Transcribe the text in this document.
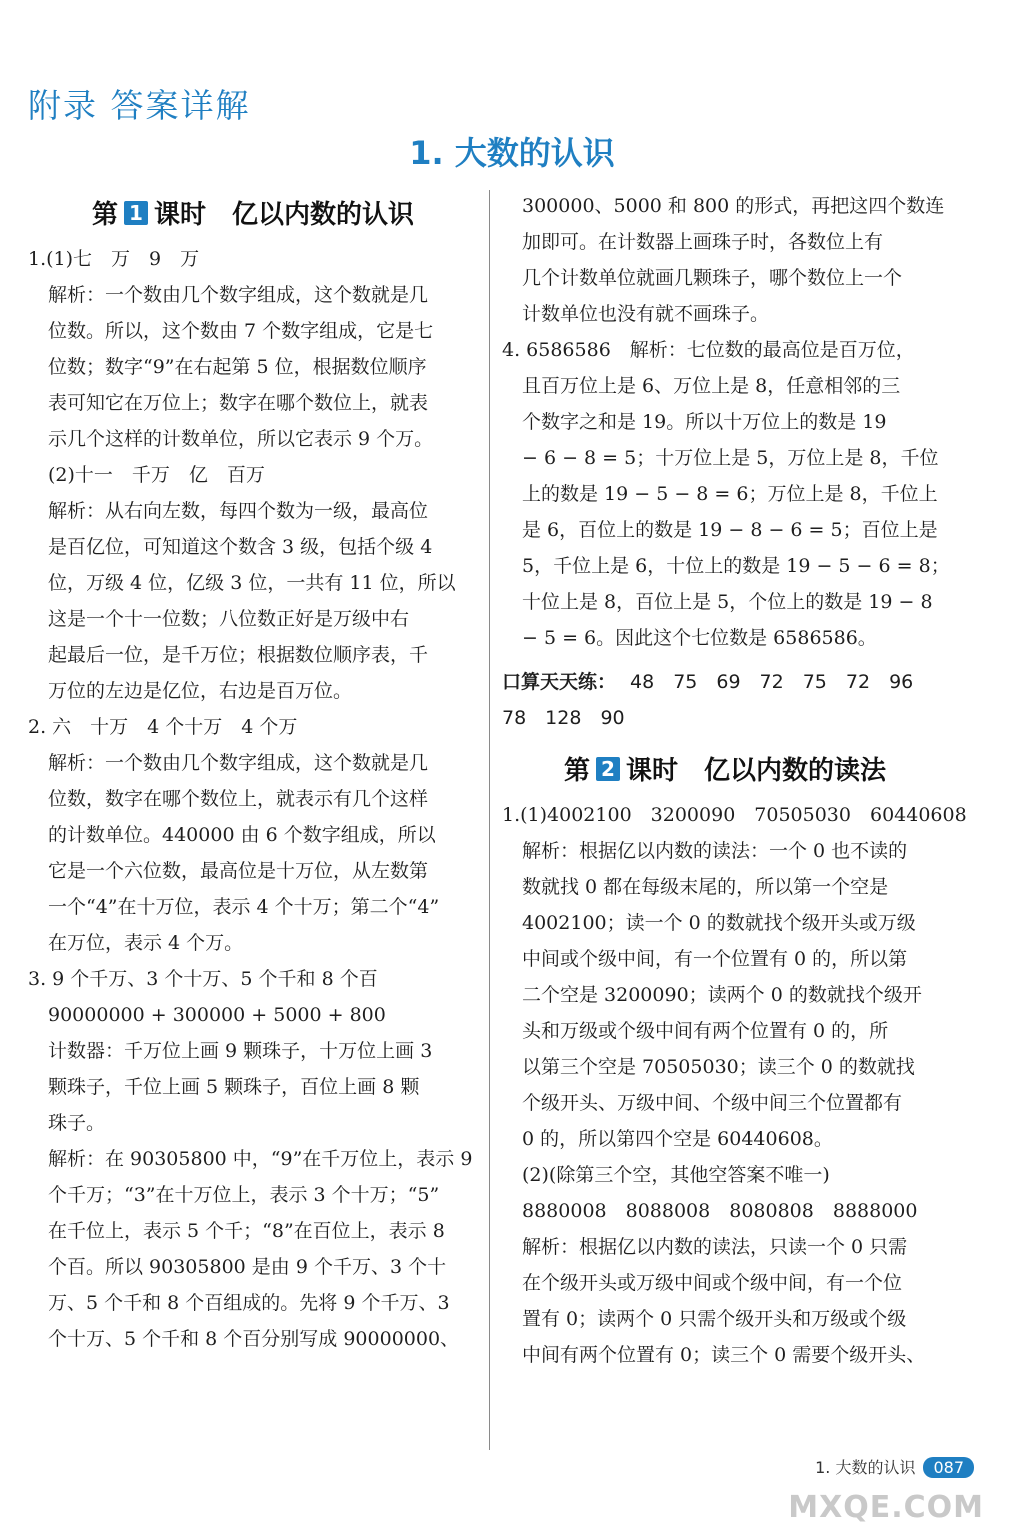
附录 答案详解
1. 大数的认识
第 1 课时　亿以内数的认识
1.(1)七　万　9　万
解析：一个数由几个数字组成，这个数就是几
位数。所以，这个数由 7 个数字组成，它是七
位数；数字“9”在右起第 5 位，根据数位顺序
表可知它在万位上；数字在哪个数位上，就表
示几个这样的计数单位，所以它表示 9 个万。
(2)十一　千万　亿　百万
解析：从右向左数，每四个数为一级，最高位
是百亿位，可知道这个数含 3 级，包括个级 4
位，万级 4 位，亿级 3 位，一共有 11 位，所以
这是一个十一位数；八位数正好是万级中右
起最后一位，是千万位；根据数位顺序表，千
万位的左边是亿位，右边是百万位。
2. 六　十万　4 个十万　4 个万
解析：一个数由几个数字组成，这个数就是几
位数，数字在哪个数位上，就表示有几个这样
的计数单位。440000 由 6 个数字组成，所以
它是一个六位数，最高位是十万位，从左数第
一个“4”在十万位，表示 4 个十万；第二个“4”
在万位，表示 4 个万。
3. 9 个千万、3 个十万、5 个千和 8 个百
90000000 + 300000 + 5000 + 800
计数器：千万位上画 9 颗珠子，十万位上画 3
颗珠子，千位上画 5 颗珠子，百位上画 8 颗
珠子。
解析：在 90305800 中，“9”在千万位上，表示 9
个千万；“3”在十万位上，表示 3 个十万；“5”
在千位上，表示 5 个千；“8”在百位上，表示 8
个百。所以 90305800 是由 9 个千万、3 个十
万、5 个千和 8 个百组成的。先将 9 个千万、3
个十万、5 个千和 8 个百分别写成 90000000、
300000、5000 和 800 的形式，再把这四个数连
加即可。在计数器上画珠子时，各数位上有
几个计数单位就画几颗珠子，哪个数位上一个
计数单位也没有就不画珠子。
4. 6586586　解析：七位数的最高位是百万位，
且百万位上是 6、万位上是 8，任意相邻的三
个数字之和是 19。所以十万位上的数是 19
− 6 − 8 = 5；十万位上是 5，万位上是 8，千位
上的数是 19 − 5 − 8 = 6；万位上是 8，千位上
是 6，百位上的数是 19 − 8 − 6 = 5；百位上是
5，千位上是 6，十位上的数是 19 − 5 − 6 = 8；
十位上是 8，百位上是 5，个位上的数是 19 − 8
− 5 = 6。因此这个七位数是 6586586。
口算天天练： 48　75　69　72　75　72　96
78　128　90
第 2 课时　亿以内数的读法
1.(1)4002100　3200090　70505030　60440608
解析：根据亿以内数的读法：一个 0 也不读的
数就找 0 都在每级末尾的，所以第一个空是
4002100；读一个 0 的数就找个级开头或万级
中间或个级中间，有一个位置有 0 的，所以第
二个空是 3200090；读两个 0 的数就找个级开
头和万级或个级中间有两个位置有 0 的，所
以第三个空是 70505030；读三个 0 的数就找
个级开头、万级中间、个级中间三个位置都有
0 的，所以第四个空是 60440608。
(2)(除第三个空，其他空答案不唯一)
8880008　8088008　8080808　8888000
解析：根据亿以内数的读法，只读一个 0 只需
在个级开头或万级中间或个级中间，有一个位
置有 0；读两个 0 只需个级开头和万级或个级
中间有两个位置有 0；读三个 0 需要个级开头、
1. 大数的认识 087
MXQE.COM
